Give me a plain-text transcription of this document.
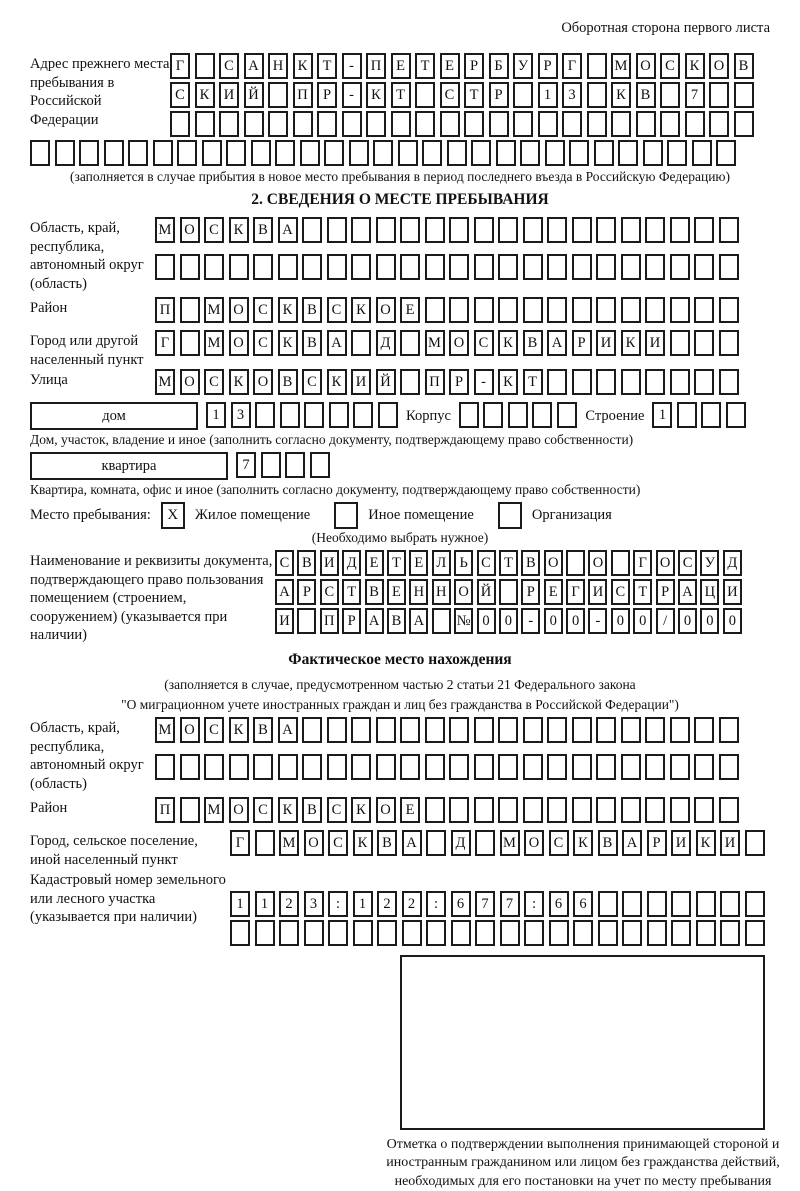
Оборотная сторона первого листа
Адрес прежнего места пребывания в Российской Федерации
Г	С А Н К	Т	-	П	Е	Т	Е	Р	Б	У	Р	Г	М О С	К О В
С	К И Й	П	Р	-	К	Т	С	Т	Р	1	3	К	В	7
(заполняется в случае прибытия в новое место пребывания в период последнего въезда в Российскую Федерацию)
2. СВЕДЕНИЯ О МЕСТЕ ПРЕБЫВАНИЯ
Область, край, республика, автономный округ (область)
М О С	К	В А
Район	П	М О С	К	В	С	К О	Е
Город или другой населенный пункт
Г	М О С	К	В А	Д	М О С	К	В А	Р	И К И
Улица	М О С	К О В	С	К И Й	П	Р	-	К	Т
дом	1	3	Корпус	Строение 1
Дом, участок, владение и иное (заполнить согласно документу, подтверждающему право собственности)
квартира	7
Квартира, комната, офис и иное (заполнить согласно документу, подтверждающему право собственности)
Место пребывания:	X	Жилое помещение	Иное помещение	Организация
(Необходимо выбрать нужное)
Наименование и реквизиты документа, подтверждающего право пользования помещением (строением, сооружением) (указывается при наличии)
С В И Д Е Т Е Л Ь С Т В О О	Г О С У Д
А Р С Т В Е Н Н О Й	Р Е Г И С Т Р А Ц И
И П Р А В А № 0	0	-	0	0	-	0	0	/	0	0	0
Фактическое место нахождения
(заполняется в случае, предусмотренном частью 2 статьи 21 Федерального закона
"О миграционном учете иностранных граждан и лиц без гражданства в Российской Федерации")
Область, край, республика, автономный округ (область)
М О С	К	В А
Район	П	М О С	К	В	С	К О	Е
Город, сельское поселение, иной населенный пункт
Г	М О С	К	В А	Д	М О С	К	В А	Р	И К И
Кадастровый номер земельного или лесного участка (указывается при наличии)
1	1	2	3	:	1	2	2	:	6	7	7	:	6	6
Отметка о подтверждении выполнения принимающей стороной и иностранным гражданином или лицом без гражданства действий, необходимых для его постановки на учет по месту пребывания
